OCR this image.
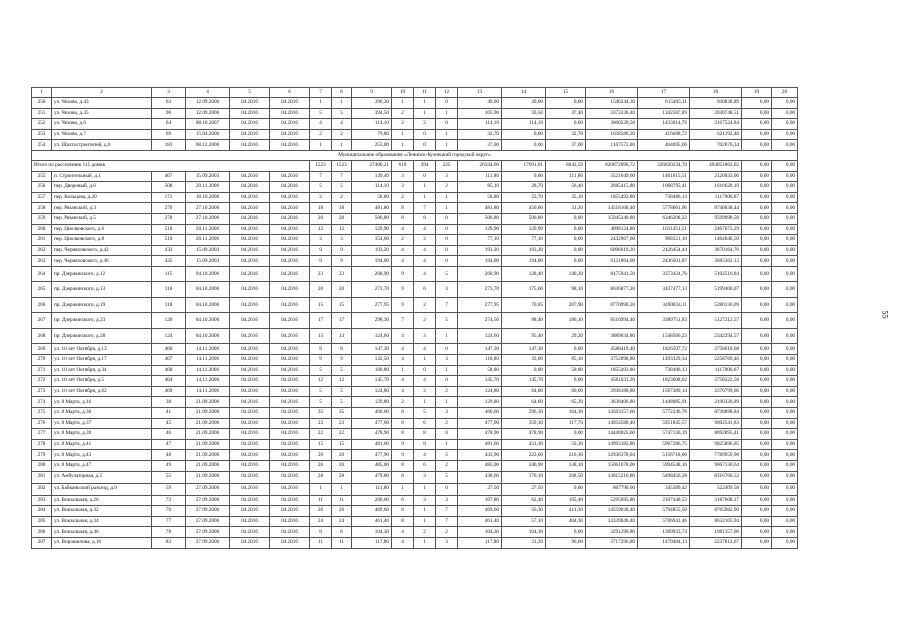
1	2	3	4	5	6	7	8	9	10	11	12	13	14	15	16	17	18	19	20
250	ул. Чехова, д.43	63	12.09.2006	04.2016	04.2016	1	1	390,30	1	1	0	49,00	49,00	0,00	1546244,30	615405,11	930838,89	0,00	0,00
251	ул. Чехова, д.45	96	12.09.2006	04.2016	04.2016	5	5	394,50	2	1	1	105,90	59,50	47,40	3373336,40	1342587,89	2030748,51	0,00	0,00
252	ул. Чехова, д.6	64	08.10.2007	04.2016	04.2016	4	4	114,10	2	2	0	114,10	114,10	0,00	3600539,50	1433014,76	2167524,84	0,00	0,00
253	ул. Чехова, д.7	69	15.04.2006	04.2016	04.2016	2	2	79,80	1	0	1	32,70	0,00	32,70	1038580,20	416688,72	621192,48	0,00	0,00
254	ул. Шахтостроителей, д.6	183	08.12.2006	04.2016	04.2016	1	1	253,00	1	0	1	37,00	0,00	37,00	1167572,00	464695,66	702876,34	0,00	0,00
Муниципальное образование «Ленинск-Кузнецкий городской округ»																			
Итого по расселению 115 домов						1523	1523	27400,21	619	394	225	26334,60	17691,01	8643,59	820672096,72	326620234,70	494051862,02	0,00	0,00
255	п. Строительный, д.1	467	15.09.2003	04.2016	04.2016	7	7	149,40	3	0	3	111,80	0,00	111,80	3521649,60	1401615,51	2120033,06	0,00	0,00
256	пер. Дворовый, д.6	508	20.11.2006	04.2016	04.2016	5	5	114,10	3	1	2	85,10	28,70	56,40	2685415,80	1068795,41	1616620,19	0,00	0,00
257	пер. Кольцова, д.20	171	18.10.2006	04.2016	04.2016	2	2	58,80	2	1	1	58,80	23,70	35,10	1855492,80	738486,13	1117006,67	0,00	0,00
258	пер. Рязанский, д.3	279	27.10.2006	04.2016	04.2016	18	18	481,80	8	7	1	481,80	450,60	31,20	14518100,40	5778061,96	8740038,44	0,00	0,00
259	пер. Рязанский, д.5	278	27.10.2006	04.2016	04.2016	20	20	506,80	8	8	0	506,80	506,80	0,00	15945240,80	6346208,22	9599998,58	0,00	0,00
260	пер. Циолковского, д.6	518	20.11.2006	04.2016	04.2016	12	12	129,90	4	4	0	129,90	129,90	0,00	4098124,80	1631451,51	2467673,29	0,00	0,00
261	пер. Циолковского, д.8	519	20.11.2006	04.2016	04.2016	3	3	154,60	2	2	0	77,10	77,10	0,00	2432967,60	968321,10	1464646,50	0,00	0,00
262	пер. Черняховского, д.42	433	15.09.2003	04.2016	04.2016	9	9	193,20	4	4	0	193,20	193,20	0,00	6096619,20	2426454,44	3670164,76	0,00	0,00
263	пер. Черняховского, д.46	435	15.09.2003	04.2016	04.2016	9	9	194,00	4	4	0	194,00	194,00	0,00	6121864,00	2436501,87	3685362,13	0,00	0,00
264	пр. Дзержинского, д.12	115	04.10.2006	04.2016	04.2016	23	23	268,90	9	4	5	268,90	128,40	140,20	8475941,50	3373424,76	5102516,84	0,00	0,00
265	пр. Дзержинского, д.13	116	04.10.2006	04.2016	04.2016	20	20	273,70	9	6	3	273,70	175,60	98,10	8636877,20	3437477,13	5199400,07	0,00	0,00
266	пр. Дзержинского, д.19	118	04.10.2006	04.2016	04.2016	15	15	277,95	9	2	7	277,95	70,05	207,90	8770990,20	3490834,11	5280136,09	0,00	0,00
267	пр. Дзержинского, д.23	120	04.10.2006	04.2016	04.2016	17	17	298,30	7	2	5	274,50	88,40	186,10	8516994,40	3389751,83	5127212,57	0,00	0,00
268	пр. Дзержинского, д.28	124	04.10.2006	04.2016	04.2016	13	13	124,60	4	3	1	124,60	95,40	29,20	3889034,80	1548566,23	2342294,57	0,00	0,00
269	ул. 10 лет Октября, д.13	466	14.11.2006	04.2016	04.2016	8	8	147,30	4	4	0	147,30	147,30	0,00	4588419,40	1826597,72	2758618,68	0,00	0,00
270	ул. 10 лет Октября, д.17	467	14.11.2006	04.2016	04.2016	9	9	132,50	4	1	3	118,80	33,80	85,10	3752098,80	1493329,34	2258769,46	0,00	0,00
271	ул. 10 лет Октября, д.34	468	14.11.2006	04.2016	04.2016	5	5	100,80	1	0	1	58,80	0,00	58,80	1855492,80	738486,13	1117006,67	0,00	0,00
272	ул. 10 лет Октября, д.5	464	14.11.2006	04.2016	04.2016	12	12	145,70	4	4	0	145,70	145,70	0,00	4581031,20	1823608,62	2758322,58	0,00	0,00
273	ул. 10 лет Октября, д.62	469	14.11.2006	04.2016	04.2016	5	5	124,80	4	2	2	124,80	64,80	60,00	3938188,80	1567389,14	2370799,66	0,00	0,00
274	ул. 8 Марта, д.16	38	21.09.2006	04.2016	04.2016	5	5	129,80	2	1	1	129,80	64,60	65,20	3638406,80	1448085,91	2190320,89	0,00	0,00
275	ул. 8 Марта, д.30	41	21.09.2006	04.2016	04.2016	35	35	460,60	8	5	3	460,60	296,30	164,30	14503157,60	5772246,76	8730898,84	0,00	0,00
276	ул. 8 Марта, д.37	45	21.09.2006	04.2016	04.2016	23	23	477,60	8	6	2	477,00	359,30	117,70	14954588,40	5951845,57	9002541,83	0,00	0,00
277	ул. 8 Марта, д.39	46	21.09.2006	04.2016	04.2016	22	22	478,90	8	8	0	478,90	478,90	0,00	14440025,60	5747130,19	8692895,41	0,00	0,00
278	ул. 8 Марта, д.41	47	21.09.2006	04.2016	04.2016	15	15	481,60	9	8	1	481,60	431,30	50,30	14993182,80	5967286,75	9025896,05	0,00	0,00
279	ул. 8 Марта, д.43	48	21.09.2006	04.2016	04.2016	20	20	477,90	9	4	5	433,90	223,60	210,30	12936378,04	5156718,06	7789959,98	0,00	0,00
280	ул. 8 Марта, д.47	49	21.09.2006	04.2016	04.2016	26	26	485,00	8	6	2	485,00	346,90	138,10	15061678,00	5994548,16	9067130,64	0,00	0,00
281	ул. Амбулаторная, д.5	55	21.09.2006	04.2016	04.2016	28	28	479,80	8	3	5	438,60	170,10	268,50	13815216,80	5498456,28	8316760,52	0,00	0,00
282	ул. Байканьский разъезд, д.9	59	27.09.2006	04.2016	04.2016	1	1	111,80	1	1	0	27,50	27,50	0,00	867790,00	345389,42	522409,58	0,00	0,00
283	ул. Вокзальная, д.26	73	27.09.2006	04.2016	04.2016	11	11	206,60	6	3	3	167,80	62,40	105,40	5295695,80	2107448,53	3187608,27	0,00	0,00
284	ул. Вокзальная, д.32	76	27.09.2006	04.2016	04.2016	26	26	469,60	8	1	7	469,60	56,30	411,30	14559038,40	5794855,50	8765982,90	0,00	0,00
285	ул. Вокзальная, д.34	77	27.09.2006	04.2016	04.2016	24	24	461,40	8	1	7	461,40	57,10	404,30	14339046,40	5706941,46	8632105,94	0,00	0,00
286	ул. Вокзальная, д.46	78	27.09.2006	04.2016	04.2016	8	8	104,30	4	2	2	104,30	104,30	0,00	3291290,80	1309933,74	1981357,06	0,00	0,00
287	ул. Ворошилова, д.16	83	27.09.2006	04.2016	04.2016	11	11	117,80	4	1	3	117,80	21,20	96,60	3717296,80	1479484,13	2237812,67	0,00	0,00
55
